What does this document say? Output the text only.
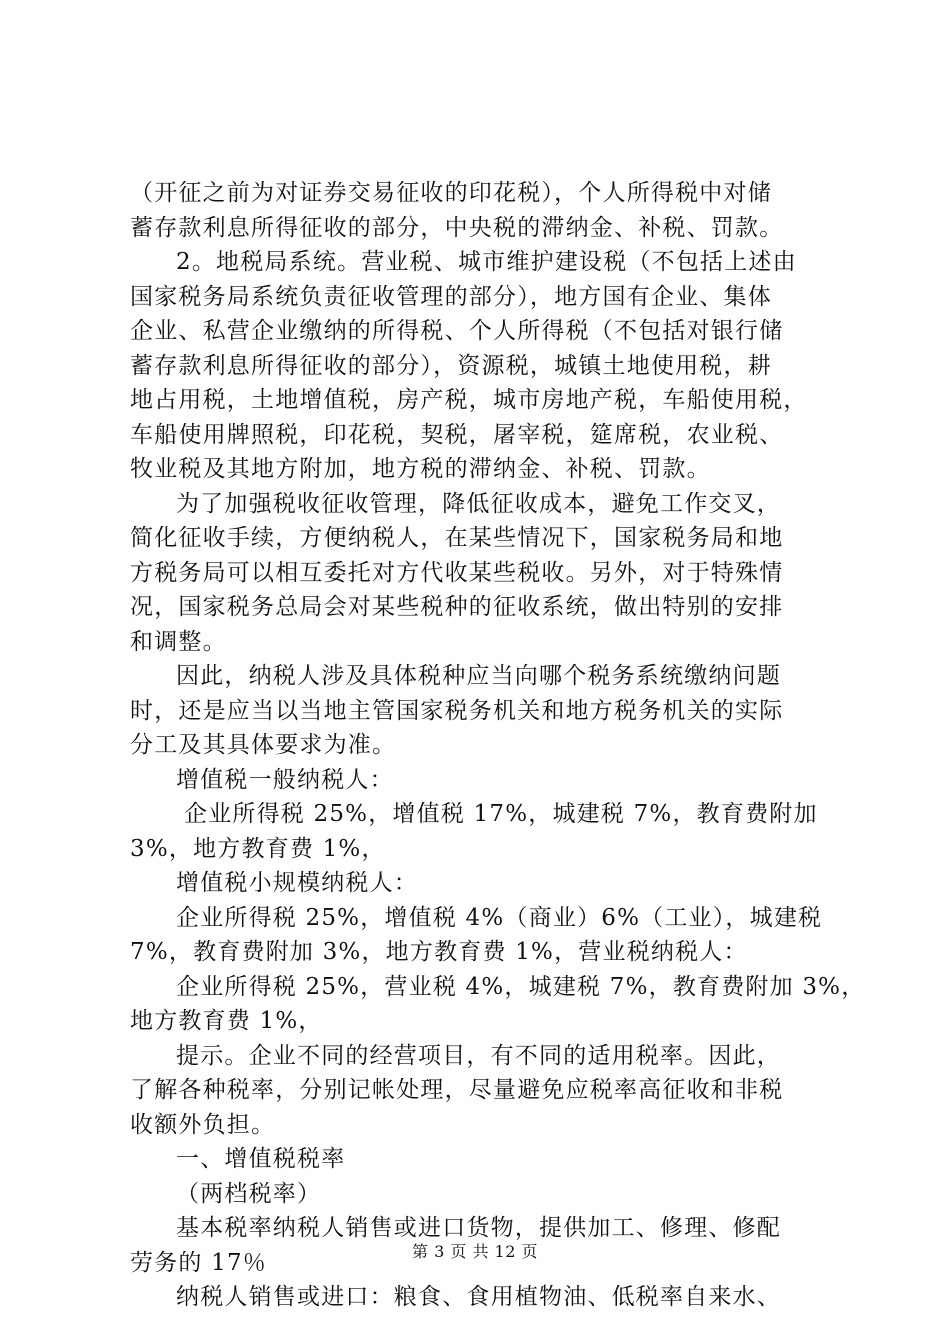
（开征之前为对证券交易征收的印花税），个人所得税中对储
蓄存款利息所得征收的部分，中央税的滞纳金、补税、罚款。
2。地税局系统。营业税、城市维护建设税（不包括上述由
国家税务局系统负责征收管理的部分），地方国有企业、集体
企业、私营企业缴纳的所得税、个人所得税（不包括对银行储
蓄存款利息所得征收的部分），资源税，城镇土地使用税，耕
地占用税，土地增值税，房产税，城市房地产税，车船使用税，
车船使用牌照税，印花税，契税，屠宰税，筵席税，农业税、
牧业税及其地方附加，地方税的滞纳金、补税、罚款。
为了加强税收征收管理，降低征收成本，避免工作交叉，
简化征收手续，方便纳税人，在某些情况下，国家税务局和地
方税务局可以相互委托对方代收某些税收。另外，对于特殊情
况，国家税务总局会对某些税种的征收系统，做出特别的安排
和调整。
因此，纳税人涉及具体税种应当向哪个税务系统缴纳问题
时，还是应当以当地主管国家税务机关和地方税务机关的实际
分工及其具体要求为准。
增值税一般纳税人：
企业所得税 25%，增值税 17%，城建税 7%，教育费附加
3%，地方教育费 1%，
增值税小规模纳税人：
企业所得税 25%，增值税 4%（商业）6%（工业），城建税
7%，教育费附加 3%，地方教育费 1%，营业税纳税人：
企业所得税 25%，营业税 4%，城建税 7%，教育费附加 3%，
地方教育费 1%，
提示。企业不同的经营项目，有不同的适用税率。因此，
了解各种税率，分别记帐处理，尽量避免应税率高征收和非税
收额外负担。
一、增值税税率
（两档税率）
基本税率纳税人销售或进口货物，提供加工、修理、修配
劳务的 17％
纳税人销售或进口：粮食、食用植物油、低税率自来水、
第 3 页 共 12 页
